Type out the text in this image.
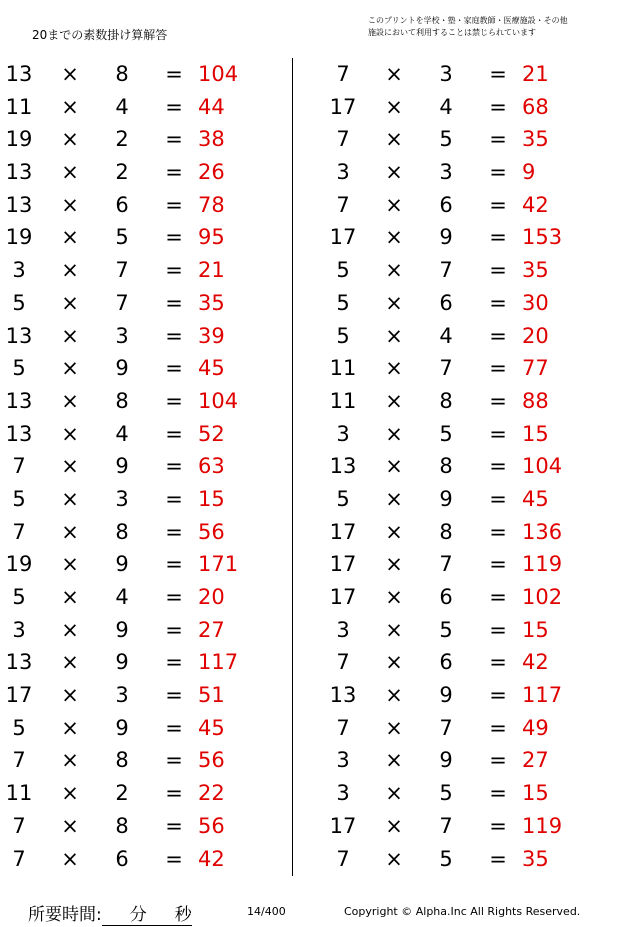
20までの素数掛け算解答
このプリントを学校・塾・家庭教師・医療施設・その他
施設において利用することは禁じられています
13 × 8 = 104
11 × 4 = 44
19 × 2 = 38
13 × 2 = 26
13 × 6 = 78
19 × 5 = 95
3	× 7 = 21
5	× 7 = 35
13 × 3 = 39
5	× 9 = 45
13 × 8 = 104
13 × 4 = 52
7	× 9 = 63
5	× 3 = 15
7	× 8 = 56
19 × 9 = 171
5	× 4 = 20
3	× 9 = 27
13 × 9 = 117
17 × 3 = 51
5	× 9 = 45
7	× 8 = 56
11 × 2 = 22
7	× 8 = 56
7	× 6 = 42
7	× 3 = 21
17 × 4 = 68
7	× 5 = 35
3	× 3 = 9
7	× 6 = 42
17 × 9 = 153
5	× 7 = 35
5	× 6 = 30
5	× 4 = 20
11 × 7 = 77
11 × 8 = 88
3	× 5 = 15
13 × 8 = 104
5	× 9 = 45
17 × 8 = 136
17 × 7 = 119
17 × 6 = 102
3	× 5 = 15
7	× 6 = 42
13 × 9 = 117
7	× 7 = 49
3	× 9 = 27
3	× 5 = 15
17 × 7 = 119
7	× 5 = 35
所要時間: 分 秒	14/400	Copyright © Alpha.Inc All Rights Reserved.
